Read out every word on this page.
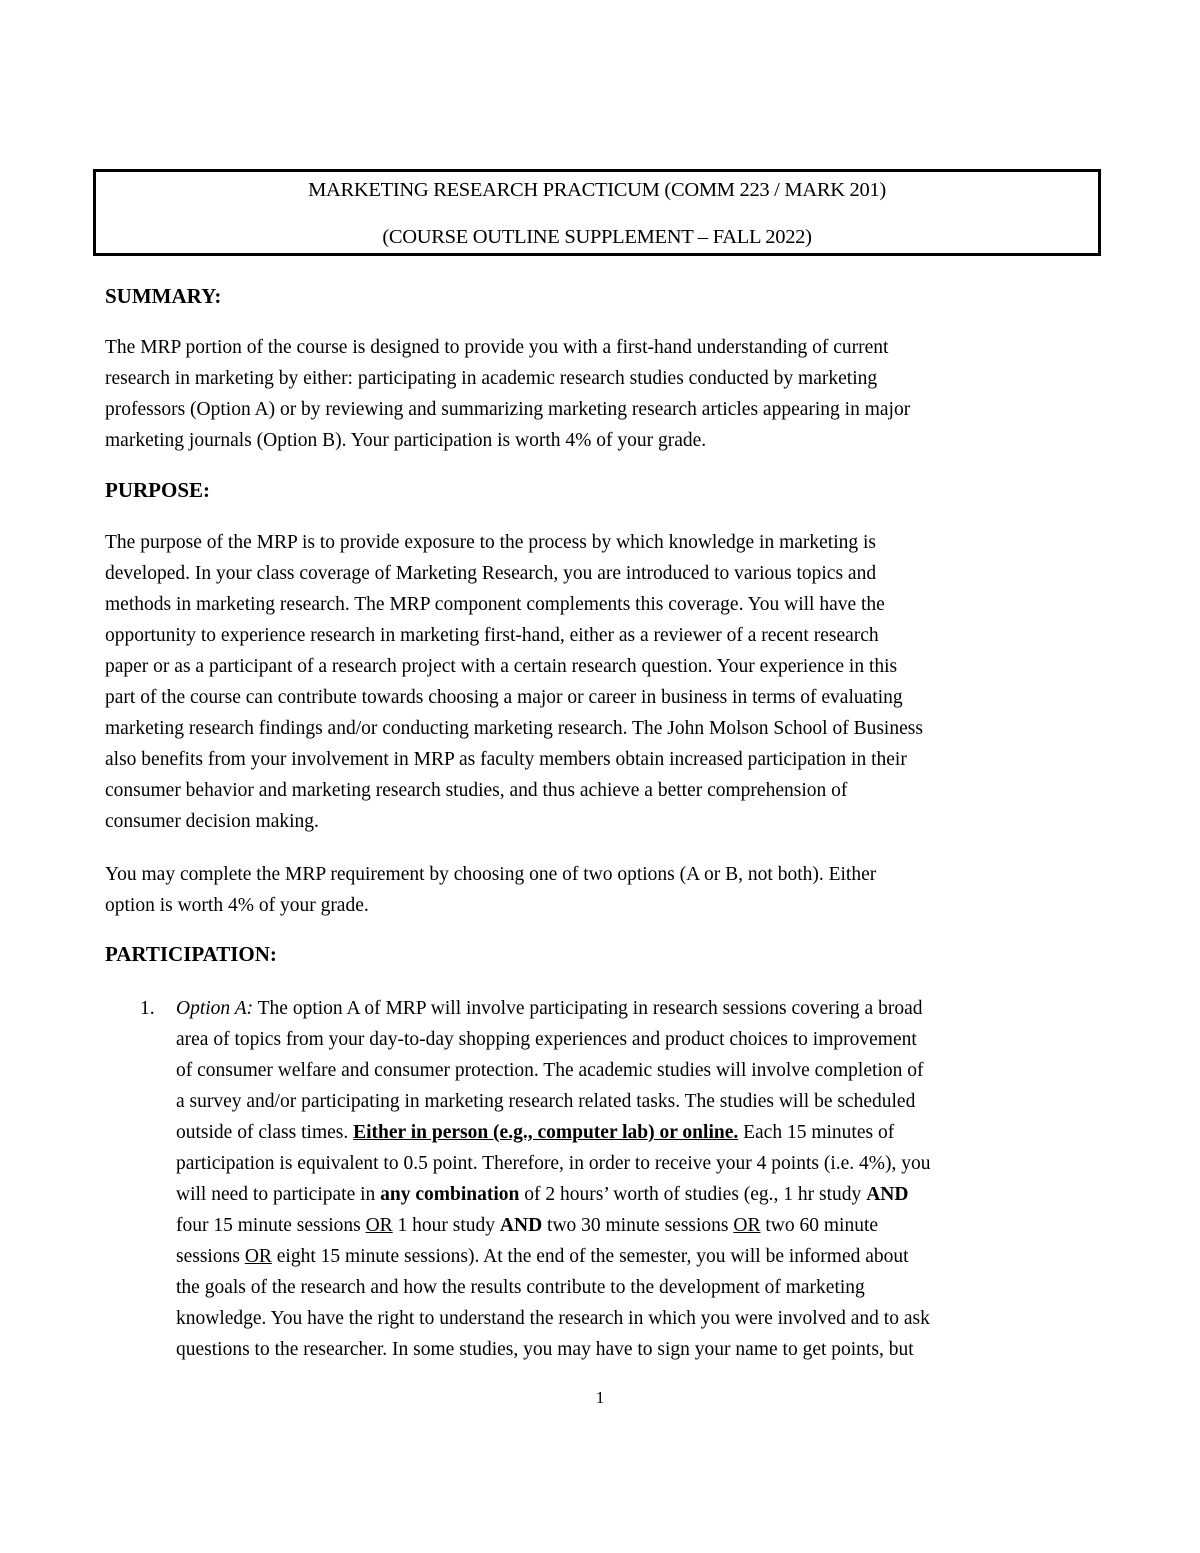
MARKETING RESEARCH PRACTICUM (COMM 223 / MARK 201)
(COURSE OUTLINE SUPPLEMENT – FALL 2022)
SUMMARY:
The MRP portion of the course is designed to provide you with a first-hand understanding of current
research in marketing by either: participating in academic research studies conducted by marketing
professors (Option A) or by reviewing and summarizing marketing research articles appearing in major
marketing journals (Option B). Your participation is worth 4% of your grade.
PURPOSE:
The purpose of the MRP is to provide exposure to the process by which knowledge in marketing is
developed. In your class coverage of Marketing Research, you are introduced to various topics and
methods in marketing research. The MRP component complements this coverage. You will have the
opportunity to experience research in marketing first-hand, either as a reviewer of a recent research
paper or as a participant of a research project with a certain research question. Your experience in this
part of the course can contribute towards choosing a major or career in business in terms of evaluating
marketing research findings and/or conducting marketing research. The John Molson School of Business
also benefits from your involvement in MRP as faculty members obtain increased participation in their
consumer behavior and marketing research studies, and thus achieve a better comprehension of
consumer decision making.
You may complete the MRP requirement by choosing one of two options (A or B, not both). Either
option is worth 4% of your grade.
PARTICIPATION:
1. Option A: The option A of MRP will involve participating in research sessions covering a broad
area of topics from your day-to-day shopping experiences and product choices to improvement
of consumer welfare and consumer protection. The academic studies will involve completion of
a survey and/or participating in marketing research related tasks. The studies will be scheduled
outside of class times. Either in person (e.g., computer lab) or online. Each 15 minutes of
participation is equivalent to 0.5 point. Therefore, in order to receive your 4 points (i.e. 4%), you
will need to participate in any combination of 2 hours’ worth of studies (eg., 1 hr study AND
four 15 minute sessions OR 1 hour study AND two 30 minute sessions OR two 60 minute
sessions OR eight 15 minute sessions). At the end of the semester, you will be informed about
the goals of the research and how the results contribute to the development of marketing
knowledge. You have the right to understand the research in which you were involved and to ask
questions to the researcher. In some studies, you may have to sign your name to get points, but
1
